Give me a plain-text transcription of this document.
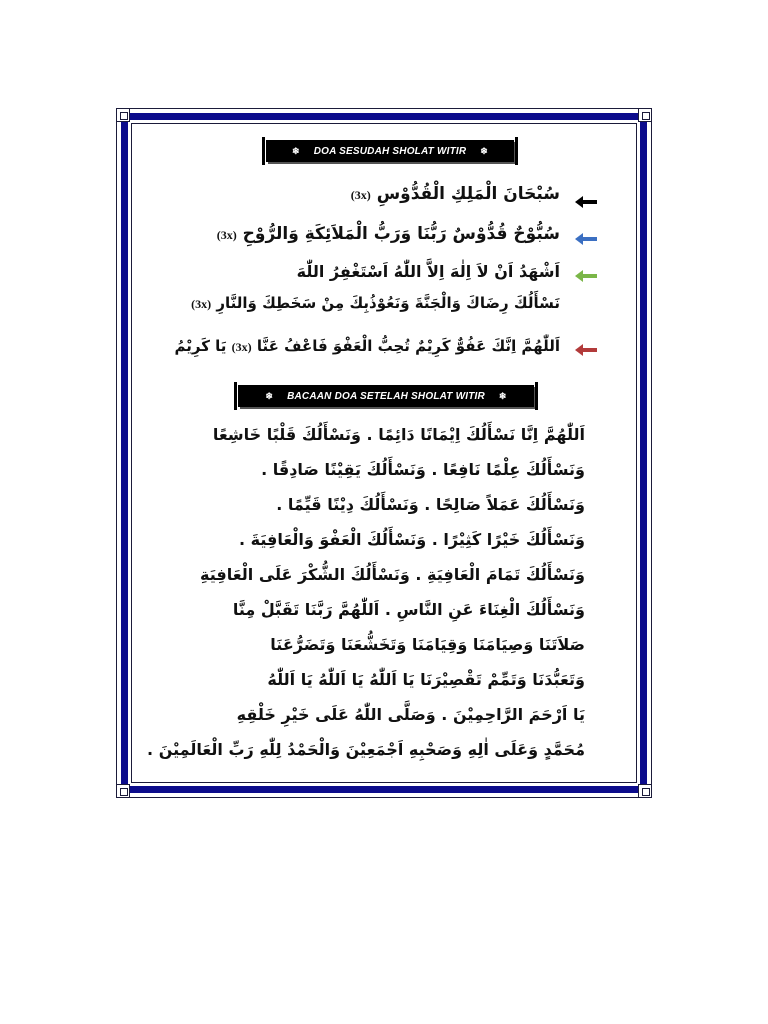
❄ DOA SESUDAH SHOLAT WITIR ❄
سُبْحَانَ الْمَلِكِ الْقُدُّوْسِ (3x)
سُبُّوْحٌ قُدُّوْسٌ رَبُّنَا وَرَبُّ الْمَلاَئِكَةِ وَالرُّوْحِ (3x)
اَشْهَدُ اَنْ لاَ اِلٰهَ اِلاَّ اللّٰهُ اَسْتَغْفِرُ اللّٰهَ
نَسْأَلُكَ رِضَاكَ وَالْجَنَّةَ وَنَعُوْذُبِكَ مِنْ سَخَطِكَ وَالنَّارِ (3x)
اَللّٰهُمَّ اِنَّكَ عَفُوٌّ كَرِيْمٌ تُحِبُّ الْعَفْوَ فَاعْفُ عَنَّا (3x) يَا كَرِيْمُ
❄ BACAAN DOA SETELAH SHOLAT WITIR ❄
اَللّٰهُمَّ اِنَّا نَسْأَلُكَ اِيْمَانًا دَائِمًا . وَنَسْأَلُكَ قَلْبًا خَاشِعًا
وَنَسْأَلُكَ عِلْمًا نَافِعًا . وَنَسْأَلُكَ يَقِيْنًا صَادِقًا .
وَنَسْأَلُكَ عَمَلاً صَالِحًا . وَنَسْأَلُكَ دِيْنًا قَيِّمًا .
وَنَسْأَلُكَ خَيْرًا كَثِيْرًا . وَنَسْأَلُكَ الْعَفْوَ وَالْعَافِيَةَ .
وَنَسْأَلُكَ تَمَامَ الْعَافِيَةِ . وَنَسْأَلُكَ الشُّكْرَ عَلَى الْعَافِيَةِ
وَنَسْأَلُكَ الْغِنَاءَ عَنِ النَّاسِ . اَللّٰهُمَّ رَبَّنَا تَقَبَّلْ مِنَّا
صَلاَتَنَا وَصِيَامَنَا وَقِيَامَنَا وَتَخَشُّعَنَا وَتَضَرُّعَنَا
وَتَعَبُّدَنَا وَتَمِّمْ تَقْصِيْرَنَا يَا اَللّٰهُ يَا اَللّٰهُ يَا اَللّٰهُ
يَا اَرْحَمَ الرَّاحِمِيْنَ . وَصَلَّى اللّٰهُ عَلَى خَيْرِ خَلْقِهِ
مُحَمَّدٍ وَعَلَى اٰلِهِ وَصَحْبِهِ اَجْمَعِيْنَ وَالْحَمْدُ لِلّٰهِ رَبِّ الْعَالَمِيْنَ .
